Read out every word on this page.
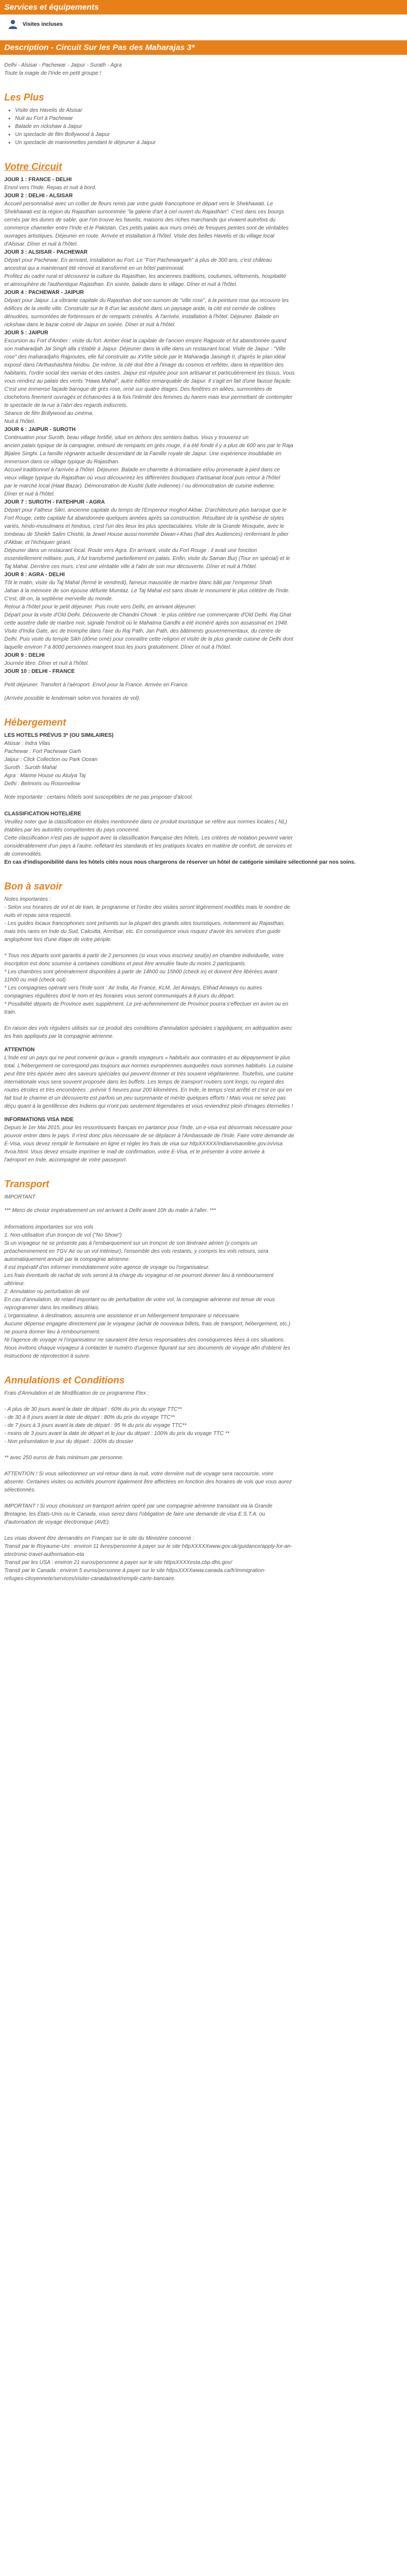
Services et équipements
Visites incluses
Description - Circuit Sur les Pas des Maharajas 3*

Delhi - Alsisar - Pachewar - Jaipur - Surath - Agra

Toute la magie de l'Inde en petit groupe !

Les Plus
• Visite des Havelis de Alsisar
• Nuit au Fort à Pachewar
• Balade en rickshaw à Jaipur
• Un spectacle de film Bollywood à Jaipur
• Un spectacle de marionnettes pendant le déjeuner à Jaipur
Votre Circuit

JOUR 1 : FRANCE - DELHI

Envol vers l'Inde. Repas et nuit à bord.

JOUR 2 : DELHI - ALSISAR

Accueil personnalisé avec un collier de fleurs remis par votre guide francophone et départ vers le Shekhawati. Le

Shekhawati est la région du Rajasthan surnommée "la galerie d'art à ciel ouvert du Rajasthan". C'est dans ces bourgs

cernés par les dunes de sable, que l'on trouve les havelis, maisons des riches marchands qui vivaient autrefois du

commerce chamelier entre l'Inde et le Pakistan. Ces petits palais aux murs ornés de fresques peintes sont de véritables

ouvrages artistiques. Déjeuner en route. Arrivée et installation à l'hôtel. Visite des belles Havelis et du village local

d'Alsisar. Dîner et nuit à l'hôtel.

JOUR 3 : ALSISAR - PACHEWAR

Départ pour Pachewar. En arrivant, installation au Fort. Le "Fort Pachewargarh" à plus de 300 ans, c'est château

ancestral qui a maintenant été rénové et transformé en un hôtel patrimonial.

Profitez du cadre rural et découvrez la culture du Rajasthan, les anciennes traditions, coutumes, vêtements, hospitalité

et atmosphère de l'authentique Rajasthan. En soirée, balade dans le village. Dîner et nuit à l'hôtel.

JOUR 4 : PACHEWAR - JAIPUR

Départ pour Jaipur. La vibrante capitale du Rajasthan doit son surnom de "ville rose", à la peinture rose qui recouvre les

édifices de la vieille ville. Construite sur le 8 d'un lac asséché dans un paysage aride, la cité est cernée de collines

dénudées, surmontées de forteresses et de remparts crénelés. À l'arrivée, installation à l'hôtel. Déjeuner. Balade en

rickshaw dans le bazar coloré de Jaipur en soirée. Dîner et nuit à l'hôtel.

JOUR 5 : JAIPUR

Excursion au Fort d'Amber : visite du fort. Amber était la capitale de l'ancien empire Rajpoute et fut abandonnée quand

son maharadjah Jai Singh alla s'établir à Jaipur. Déjeuner dans la ville dans un restaurant local. Visite de Jaipur : "Ville

rose" des maharadjahs Rajpoutes, elle fut construite au XVIIIe siècle par le Maharadja Jaisingh II, d'après le plan idéal

exposé dans l'Arthashashtra hindou. De même, la cité doit être à l'image du cosmos et refléter, dans la répartition des

habitants, l'ordre social des varnas et des castes. Jaipur est réputée pour son artisanat et particulièrement les tissus. Vous

vous rendrez au palais des vents "Hawa Mahal", autre édifice remarquable de Jaipur. Il s'agit en fait d'une fausse façade.

C'est une immense façade baroque de grès rose, orné sur quatre étages. Des fenêtres en ailées, surmontées de

clochetons finement ouvragés et échancrées à la fois l'intimité des femmes du harem mais leur permettant de contempler

le spectacle de la rue à l'abri des regards indiscrets.

Séance de film Bollywood au cinéma.

Nuit à l'hôtel.

JOUR 6 : JAIPUR - SUROTH

Continuation pour Suroth, beau village fortifié, situé en dehors des sentiers battus. Vous y trouverez un

ancien palais typique de la campagne, entouré de remparts en grès rouge, il a été fondé il y a plus de 600 ans par le Raja

Bijalee Singhi. La famille régnante actuelle descendant de la Famille royale de Jaipur. Une expérience inoubliable en

immersion dans ce village typique du Rajasthan.

Accueil traditionnel à l'arrivée à l'hôtel. Déjeuner. Balade en charrette à dromadaire et/ou promenade à pied dans ce

vieux village typique du Rajasthan où vous découvrirez les différentes boutiques d'artisanat local puis retour à l'hôtel

par le marché local (Haat Bazar). Démonstration de Kushti (lutte indienne) / ou démonstration de cuisine indienne.

Dîner et nuit à l'hôtel.

JOUR 7 : SUROTH - FATEHPUR - AGRA

Départ pour Fatheur Sikri, ancienne capitale du temps de l'Empereur moghol Akbar. D'architecture plus baroque que le

Fort Rouge, cette capitale fut abandonnée quelques années après sa construction. Résultant de la synthèse de styles

variés, hindo-musulmans et hindous, c'est l'un des lieux les plus spectaculaires. Visite de la Grande Mosquée, avec le

tombeau de Sheikh Salim Chishti, la Jewel House aussi nommée Diwan-i-Khas (hall des Audiences) renfermant le pilier

d'Akbar, et l'échiquier géant.

Déjeuner dans un restaurant local. Route vers Agra. En arrivant, visite du Fort Rouge : il avait une fonction

essentiellement militaire, puis, il fut transformé partiellement en palais. Enfin, visite du Saman Burj (Tour en spécial) et le

Taj Mahal. Derrière ces murs, c'est une véritable ville à l'abri de son mur découverte. Dîner et nuit à l'hôtel.

JOUR 8 : AGRA - DELHI

Tôt le matin, visite du Taj Mahal (fermé le vendredi), fameux mausolée de marbre blanc bâti par l'empereur Shah

Jahan à la mémoire de son épouse défunte Mumtaz. Le Taj Mahal est sans doute le monument le plus célèbre de l'Inde.

C'est, dit-on, la septième merveille du monde.

Retour à l'hôtel pour le petit déjeuner. Puis route vers Delhi, en arrivant déjeuner.

Départ pour la visite d'Old Delhi. Découverte de Chandni Chowk : le plus célèbre rue commerçante d'Old Delhi. Raj Ghat

cette austère dalle de marbre noir, signale l'endroit où le Mahatma Gandhi a été incinéré après son assassinat en 1948.

Visite d'India Gate, arc de triomphe dans l'axe du Raj Path, Jan Path, des bâtiments gouvernementaux, du centre de

Delhi. Puis visite du temple Sikh (dôme orné) pour connaître cette religion et visite de la plus grande cuisine de Delhi dont

laquelle environ 7 à 8000 personnes mangent tous les jours gratuitement. Dîner et nuit à l'hôtel.

JOUR 9 : DELHI

Journée libre. Dîner et nuit à l'hôtel.

JOUR 10 : DELHI - FRANCE

Petit déjeuner. Transfert à l'aéroport. Envol pour la France. Arrivée en France.

(Arrivée possible le lendemain selon vos horaires de vol).

Hébergement

LES HOTELS PRÉVUS 3* (OU SIMILAIRES)

Alsisar : Indra Vilas

Pachewar : Fort Pachewar Garh

Jaipur : Click Collection ou Park Ocean

Suroth : Suroth Mahal

Agra : Marine House ou Atulya Taj

Delhi : Belmoris ou Rosemellow

Note importante : certains hôtels sont susceptibles de ne pas proposer d'alcool.

CLASSIFICATION HOTELIÈRE

Veuillez noter que la classification en étoiles mentionnée dans ce produit touristique se réfère aux normes locales ( NL)

établies par les autorités compétentes du pays concerné.

Cette classification n'est pas de support avec la classification française des hôtels. Les critères de notation peuvent varier

considérablement d'un pays à l'autre, reflétant les standards et les pratiques locales en matière de confort, de services et

de commodités.

En cas d'indisponibilité dans les hôtels cités nous nous chargerons de réserver un hôtel de catégorie similaire sélectionné par nos soins.

Bon à savoir

Notes importantes :

- Selon vos horaires de vol et de train, le programme et l'ordre des visites seront légèrement modifiés mais le nombre de

nuits et repas sera respecté.

- Les guides locaux francophones sont présents sur la plupart des grands sites touristiques, notamment au Rajasthan,

mais très rares en Inde du Sud, Calcutta, Amritsar, etc. En conséquence vous risquez d'avoir les services d'un guide

anglophone lors d'une étape de votre périple.

* Tous nos départs sont garantis à partir de 2 personnes (si vous vous inscrivez seul(e) en chambre individuelle, votre

inscription est donc soumise à certaines conditions et peut être annulée faute du moins 2 participants.

* Les chambres sont généralement disponibles à partir de 14h00 ou 15h00 (check in) et doivent être libérées avant

11h00 ou midi (check out)

* Les compagnies opérant vers l'Inde sont : Air India, Air France, KLM, Jet Airways, Etihad Airways ou autres

compagnies régulières dont le nom et les horaires vous seront communiqués à 8 jours du départ.

* Possibilité départs de Province avec supplément. Le pré-acheminement de Province pourra s'effectuer en avion ou en

train.

En raison des vols réguliers utilisés sur ce produit des conditions d'annulation spéciales s'appliquent, en adéquation avec

les frais appliqués par la compagnie aérienne.

ATTENTION

L'Inde est un pays qui ne peut convenir qu'aux « grands voyageurs » habitués aux contrastes et au dépaysement le plus

total. L'hébergement ne correspond pas toujours aux normes européennes auxquelles nous sommes habitués. La cuisine

peut être très épicée avec des saveurs spéciales qui peuvent étonner et très souvent végétarienne. Toutefois, une cuisine

internationale vous sera souvent proposée dans les buffets. Les temps de transport routiers sont longs, ou regard des

routes étroites et très encombrées : prévoir 5 heures pour 200 kilomètres. En Inde, le temps s'est arrêté et c'est ce qui en

fait tout le charme et un découverte est parfois un peu surprenante et mérite quelques efforts ! Mais vous ne serez pas

déçu quant à la gentillesse des Indiens qui n'ont pas seulement légendaires et vous reviendrez plein d'images éternelles !

INFORMATIONS VISA INDE

Depuis le 1er Mai 2015, pour les ressortissants français en partance pour l'Inde, un e-visa est désormais nécessaire pour

pouvoir entrer dans le pays. Il n'est donc plus nécessaire de se déplacer à l'Ambassade de l'Inde. Faire votre demande de

E-Visa, vous devez remplir le formulaire en ligne et régler les frais de visa sur httpXXXXX/indianvisaonline.gov.in/visa

/tvoa.html. Vous devez ensuite imprimer le mail de confirmation, votre E-Visa, et le présenter à votre arrivée à

l'aéroport en Inde, accompagné de votre passeport.

Transport

IMPORTANT

*** Merci de choisir impérativement un vol arrivant à Delhi avant 10h du matin à l'aller. ***

Informations importantes sur vos vols

1. Non-utilisation d'un tronçon de vol ("No Show")

Si un voyageur ne se présente pas à l'embarquement sur un tronçon de son itinéraire aérien (y compris un

préacheminement en TGV Air ou un vol intérieur), l'ensemble des vols restants, y compris les vols retours, sera

automatiquement annulé par la compagnie aérienne.

Il est impératif d'en informer immédiatement votre agence de voyage ou l'organisateur.

Les frais éventuels de rachat de vols seront à la charge du voyageur et ne pourront donner lieu à remboursement

ultérieur.

2. Annulation ou perturbation de vol

En cas d'annulation, de retard important ou de perturbation de votre vol, la compagnie aérienne est tenue de vous

reprogrammer dans les meilleurs délais.

L'organisateur, à destination, assurera une assistance et un hébergement temporaire si nécessaire.

Aucune dépense engagée directement par le voyageur (achat de nouveaux billets, frais de transport, hébergement, etc.)

ne pourra donner lieu à remboursement.

Ni l'agence de voyage ni l'organisateur ne sauraient être tenus responsables des conséquences liées à ces situations.

Nous invitons chaque voyageur à contacter le numéro d'urgence figurant sur ses documents de voyage afin d'obtenir les

instructions de réprotection à suivre.

Annulations et Conditions

Frais d'Annulation et de Modification de ce programme Flex :

- A plus de 30 jours avant la date de départ : 60% du prix du voyage TTC**

- de 30 à 8 jours avant la date de départ : 80% du prix du voyage TTC**

- de 7 jours à 3 jours avant la date de départ : 95 % du prix du voyage TTC**

- moins de 3 jours avant la date de départ et le jour du départ : 100% du prix du voyage TTC **

- Non présentation le jour du départ : 100% du dossier

** avec 250 euros de frais minimum par personne.

ATTENTION ! Si vous sélectionnez un vol retour dans la nuit, votre dernière nuit de voyage sera raccourcie, voire

absente. Certaines visites ou activités pourront également être affectées en fonction des horaires de vols que vous aurez

sélectionnés.

IMPORTANT ! Si vous choisissez un transport aérien opéré par une compagnie aérienne transitant via la Grande

Bretagne, les États-Unis ou le Canada, vous serez dans l'obligation de faire une demande de visa E.S.T.A. ou

d'autorisation de voyage électronique (AVE).

Les visas doivent être demandés en Français sur le site du Ministère concerné :

Transit par le Royaume-Uni : environ 11 livres/personne à payer sur le site httpXXXXXwww.gov.uk/guidance/apply-for-an-

electronic-travel-authorisation-eta

Transit par les USA : environ 21 euros/personne à payer sur le site httpsXXXXesta.cbp.dhs.gov/

Transit par le Canada : environ 5 euros/personne à payer sur le site httpsXXXXwww.canada.ca/fr/immigration-

refugies-citoyennete/services/visiter-canada/eavt/remplir-carte-bancaire.
